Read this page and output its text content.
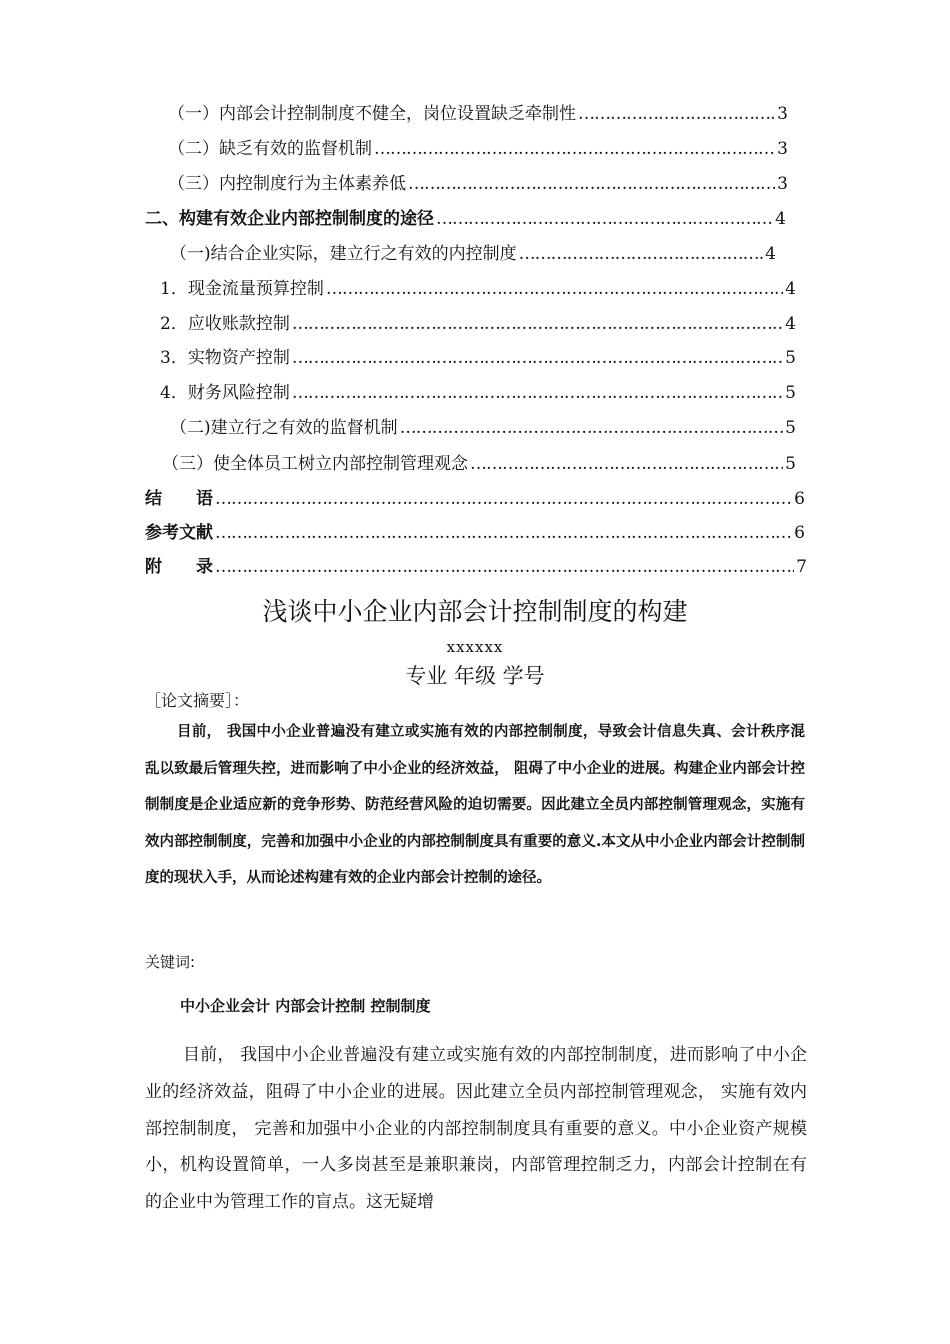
（一）内部会计控制制度不健全，岗位设置缺乏牵制性 …………………………………………………………………………………………………………………………………………………	3
（二）缺乏有效的监督机制 …………………………………………………………………………………………………………………………………………………	3
（三）内控制度行为主体素养低 …………………………………………………………………………………………………………………………………………………	3
二、构建有效企业内部控制制度的途径 …………………………………………………………………………………………………………………………………………………	4
（一)结合企业实际，建立行之有效的内控制度 …………………………………………………………………………………………………………………………………………………	4
1．现金流量预算控制 …………………………………………………………………………………………………………………………………………………	4
2．应收账款控制 …………………………………………………………………………………………………………………………………………………	4
3．实物资产控制 …………………………………………………………………………………………………………………………………………………	5
4．财务风险控制 …………………………………………………………………………………………………………………………………………………	5
（二)建立行之有效的监督机制 …………………………………………………………………………………………………………………………………………………	5
（三）使全体员工树立内部控制管理观念 …………………………………………………………………………………………………………………………………………………	5
结　　语 …………………………………………………………………………………………………………………………………………………	6
参考文献 …………………………………………………………………………………………………………………………………………………	6
附　　录 …………………………………………………………………………………………………………………………………………………	7
浅谈中小企业内部会计控制制度的构建
xxxxxx
专业 年级 学号
［论文摘要］：
目前， 我国中小企业普遍没有建立或实施有效的内部控制制度，导致会计信息失真、会计秩序混乱以致最后管理失控，进而影响了中小企业的经济效益， 阻碍了中小企业的进展。构建企业内部会计控制制度是企业适应新的竞争形势、防范经营风险的迫切需要。因此建立全员内部控制管理观念，实施有效内部控制制度，完善和加强中小企业的内部控制制度具有重要的意义.本文从中小企业内部会计控制制度的现状入手，从而论述构建有效的企业内部会计控制的途径。
关键词:
中小企业会计 内部会计控制 控制制度
目前， 我国中小企业普遍没有建立或实施有效的内部控制制度，进而影响了中小企业的经济效益，阻碍了中小企业的进展。因此建立全员内部控制管理观念， 实施有效内部控制制度， 完善和加强中小企业的内部控制制度具有重要的意义。中小企业资产规模小，机构设置简单，一人多岗甚至是兼职兼岗，内部管理控制乏力，内部会计控制在有的企业中为管理工作的盲点。这无疑增
